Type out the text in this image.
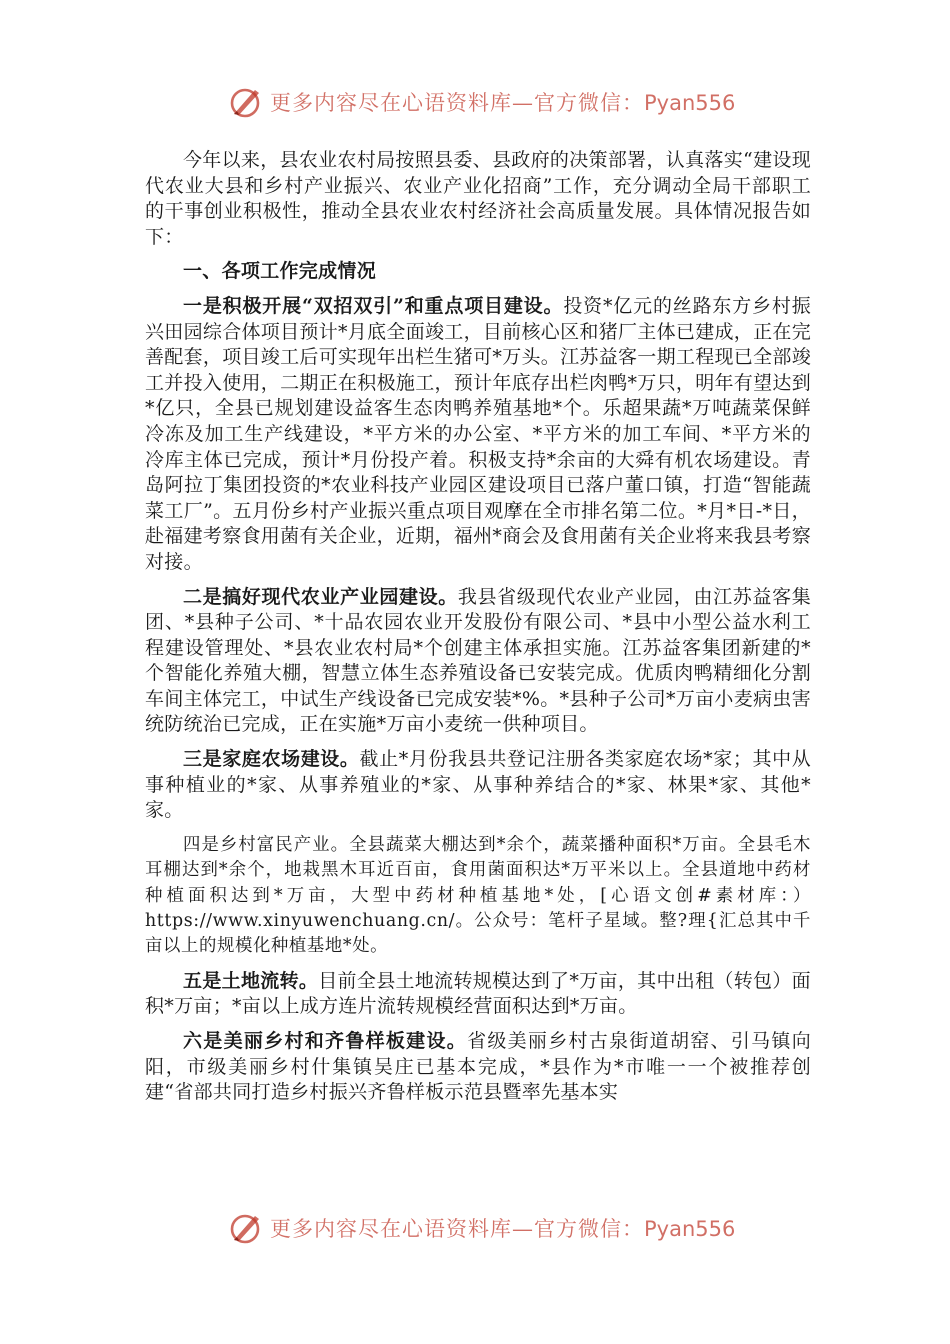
更多内容尽在心语资料库—官方微信：Pyan556

今年以来，县农业农村局按照县委、县政府的决策部署，认真落实“建设现代农业大县和乡村产业振兴、农业产业化招商”工作，充分调动全局干部职工的干事创业积极性，推动全县农业农村经济社会高质量发展。具体情况报告如下：

一、各项工作完成情况

一是积极开展“双招双引”和重点项目建设。投资*亿元的丝路东方乡村振兴田园综合体项目预计*月底全面竣工，目前核心区和猪厂主体已建成，正在完善配套，项目竣工后可实现年出栏生猪可*万头。江苏益客一期工程现已全部竣工并投入使用，二期正在积极施工，预计年底存出栏肉鸭*万只，明年有望达到*亿只，全县已规划建设益客生态肉鸭养殖基地*个。乐超果蔬*万吨蔬菜保鲜冷冻及加工生产线建设，*平方米的办公室、*平方米的加工车间、*平方米的冷库主体已完成，预计*月份投产着。积极支持*余亩的大舜有机农场建设。青岛阿拉丁集团投资的*农业科技产业园区建设项目已落户董口镇，打造“智能蔬菜工厂”。五月份乡村产业振兴重点项目观摩在全市排名第二位。*月*日-*日，赴福建考察食用菌有关企业，近期，福州*商会及食用菌有关企业将来我县考察对接。

二是搞好现代农业产业园建设。我县省级现代农业产业园，由江苏益客集团、*县种子公司、*十品农园农业开发股份有限公司、*县中小型公益水利工程建设管理处、*县农业农村局*个创建主体承担实施。江苏益客集团新建的*个智能化养殖大棚，智慧立体生态养殖设备已安装完成。优质肉鸭精细化分割车间主体完工，中试生产线设备已完成安装*%。*县种子公司*万亩小麦病虫害统防统治已完成，正在实施*万亩小麦统一供种项目。

三是家庭农场建设。截止*月份我县共登记注册各类家庭农场*家；其中从事种植业的*家、从事养殖业的*家、从事种养结合的*家、林果*家、其他*家。

四是乡村富民产业。全县蔬菜大棚达到*余个，蔬菜播种面积*万亩。全县毛木耳棚达到*余个，地栽黑木耳近百亩，食用菌面积达*万平米以上。全县道地中药材种植面积达到*万亩，大型中药材种植基地*处，[心语文创#素材库：）https://www.xinyuwenchuang.cn/。公众号：笔杆子星域。整?理{汇总其中千亩以上的规模化种植基地*处。

五是土地流转。目前全县土地流转规模达到了*万亩，其中出租（转包）面积*万亩；*亩以上成方连片流转规模经营面积达到*万亩。

六是美丽乡村和齐鲁样板建设。省级美丽乡村古泉街道胡窑、引马镇向阳，市级美丽乡村什集镇吴庄已基本完成，*县作为*市唯一一个被推荐创建“省部共同打造乡村振兴齐鲁样板示范县暨率先基本实

更多内容尽在心语资料库—官方微信：Pyan556
